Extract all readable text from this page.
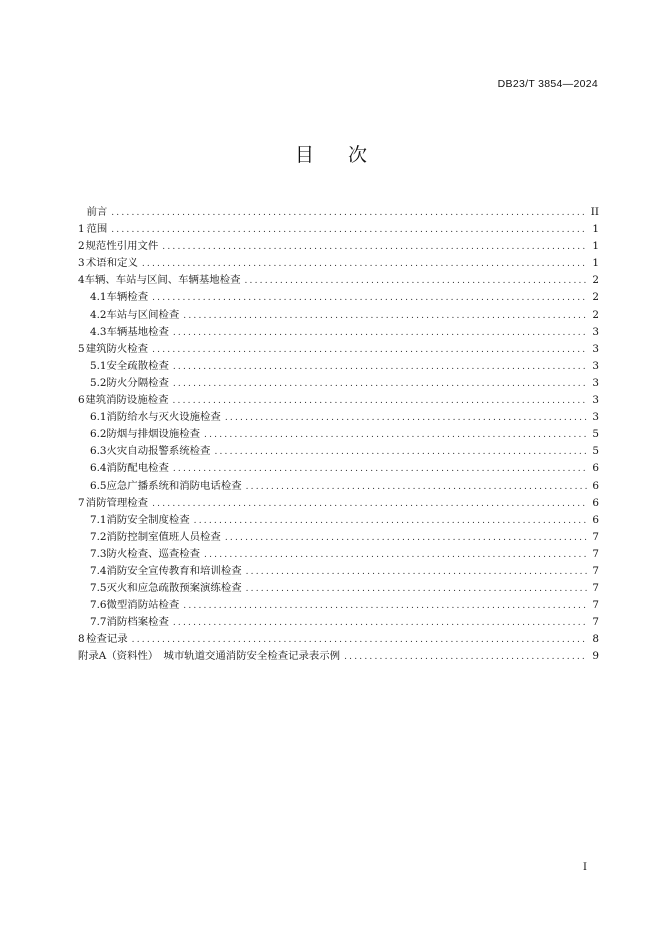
DB23/T 3854—2024
目次
前言 .....	II
1 范围 .....	1
2 规范性引用文件 .....	1
3 术语和定义 .....	1
4 车辆、车站与区间、车辆基地检查 .....	2
4.1 车辆检查 .....	2
4.2 车站与区间检查 .....	2
4.3 车辆基地检查 .....	3
5 建筑防火检查 .....	3
5.1 安全疏散检查 .....	3
5.2 防火分隔检查 .....	3
6 建筑消防设施检查 .....	3
6.1 消防给水与灭火设施检查 .....	3
6.2 防烟与排烟设施检查 .....	5
6.3 火灾自动报警系统检查 .....	5
6.4 消防配电检查 .....	6
6.5 应急广播系统和消防电话检查 .....	6
7 消防管理检查 .....	6
7.1 消防安全制度检查 .....	6
7.2 消防控制室值班人员检查 .....	7
7.3 防火检查、巡查检查 .....	7
7.4 消防安全宣传教育和培训检查 .....	7
7.5 灭火和应急疏散预案演练检查 .....	7
7.6 微型消防站检查 .....	7
7.7 消防档案检查 .....	7
8 检查记录 .....	8
附录A（资料性）　城市轨道交通消防安全检查记录表示例 .....	9
I
